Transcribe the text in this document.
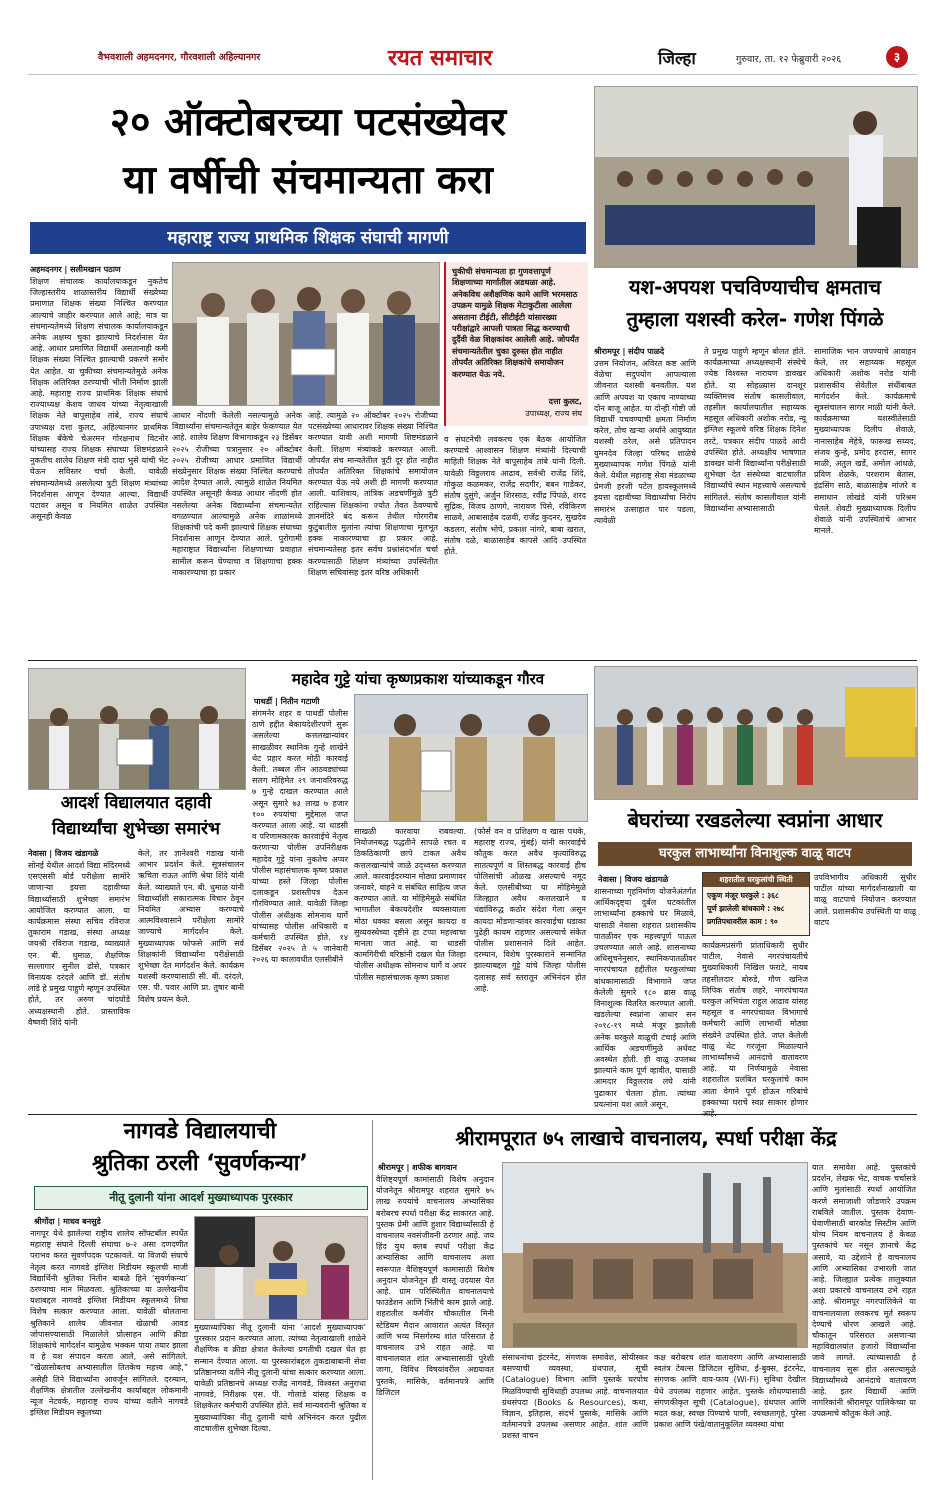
वैभवशाली अहमदनगर, गौरवशाली अहिल्यानगर	रयत समाचार	जिल्हा	गुरुवार, ता. १२ फेब्रुवारी २०२६	३
२० ऑक्टोबरच्या पटसंख्येवर
या वर्षीची संचमान्यता करा
महाराष्ट्र राज्य प्राथमिक शिक्षक संघाची मागणी
अहमदनगर | सलीमखान पठाण
शिक्षण संचालक कार्यालयाकडून नुकतेच जिल्हास्तरीय शाळास्तरीय विद्यार्थी संख्येच्या प्रमाणात शिक्षक संख्या निश्चित करण्यात आल्याचे जाहीर करण्यात आले आहे; मात्र या संचमान्यतेमध्ये शिक्षण संचालक कार्यालयाकडून अनेक अक्षम्य चुका झाल्याचे निदर्शनास येत आहे. आधार प्रमाणित विद्यार्थी असतानाही कमी शिक्षक संख्या निश्चित झाल्याची प्रकरणे समोर येत आहेत. या चुकीच्या संचमान्यतेमुळे अनेक शिक्षक अतिरिक्त ठरण्याची भीती निर्माण झाली आहे. महाराष्ट्र राज्य प्राथमिक शिक्षक संघाचे राज्याध्यक्ष केशव जाधव यांच्या नेतृत्वाखाली शिक्षक नेते बापूसाहेब तांबे, राज्य संघाचे उपाध्यक्ष दत्ता कुलट, अहिल्यानगर प्राथमिक शिक्षक बँकेचे चेअरमन गोरक्षनाथ विटनोर यांच्यासह राज्य शिक्षक संघाच्या शिष्टमंडळाने नुकतीच शालेय शिक्षण मंत्री दादा भुसे यांची भेट घेऊन सविस्तर चर्चा केली. यावेळी संचमान्यतेमध्ये असलेल्या त्रुटी शिक्षण मंत्र्यांच्या निदर्शनास आणून देण्यात आल्या. विद्यार्थी पटावर असून व नियमित शाळेत उपस्थित असूनही केवळ
आधार नोंदणी केलेली नसल्यामुळे अनेक विद्यार्थ्यांना संचमान्यतेतून बाहेर फेकण्यात येत आहे. शालेय शिक्षण विभागाकडून २३ डिसेंबर २०२५ रोजीच्या पत्रानुसार २० ऑक्टोबर २०२५ रोजीच्या आधार प्रमाणित विद्यार्थी संख्येनुसार शिक्षक संख्या निश्चित करण्याचे आदेश देण्यात आले. त्यामुळे शाळेत नियमित उपस्थित असूनही केवळ आधार नोंदणी होत नसलेल्या अनेक विद्यार्थ्यांना संचमान्यतेत वगळण्यात आल्यामुळे अनेक शाळांमध्ये शिक्षकांची पदे कमी झाल्याचे शिक्षक संघाच्या निदर्शनास आणून देण्यात आले. पुरोगामी महाराष्ट्रात विद्यार्थ्यांना शिक्षणाच्या प्रवाहात सामील करून घेण्याचा व शिक्षणाचा हक्क नाकारण्याचा हा प्रकार
आहे. त्यामुळे २० ऑक्टोबर २०२५ रोजीच्या पटसंख्येच्या आधारावर शिक्षक संख्या निश्चित करण्यात यावी अशी मागणी शिष्टमंडळाने केली. शिक्षण मंत्र्यांकडे करण्यात आली. जोपर्यंत संच मान्यतेतील त्रुटी दूर होत नाहीत तोपर्यंत अतिरिक्त शिक्षकांचे समायोजन करण्यात येऊ नये अशी ही मागणी करण्यात आली. याशिवाय, तांत्रिक अडचणींमुळे त्रुटी राहिल्यास शिक्षकांना ज्योत तेवत ठेवण्याचे ज्ञानमंदिरे बंद करून तेथील गोरगरीब कुटुंबातील मुलांना त्यांचा शिक्षणाचा मूलभूत हक्क नाकारण्याचा हा प्रकार आहे. संचमान्यतेसह इतर सर्वच प्रश्नांसंदर्भात चर्चा करण्यासाठी शिक्षण मंत्र्यांच्या उपस्थितीत शिक्षण सचिवांसह इतर वरिष्ठ अधिकारी
चुकीची संचमान्यता हा गुणवत्तापूर्ण शिक्षणाच्या मार्गातील अडथळा आहे. अनेकविध अशैक्षणिक कामे आणि भरमसाठ उपक्रम यामुळे शिक्षक मेटाकुटीला आलेला असताना टीईटी, सीटीईटी यांसारख्या परीक्षांद्वारे आपली पात्रता सिद्ध करण्याची दुर्दैवी वेळ शिक्षकांवर आलेली आहे. जोपर्यंत संचमान्यतेतील चुका दुरुस्त होत नाहीत तोपर्यंत अतिरिक्त शिक्षकांचे समायोजन करण्यात येऊ नये.
दत्ता कुलट,
उपाध्यक्ष, राज्य संघ
व संघटनेची लवकरच एक बैठक आयोजित करण्याचे आश्वासन शिक्षण मंत्र्यांनी दिल्याची माहिती शिक्षक नेते बापूसाहेब तांबे यांनी दिली. यावेळी विठ्ठलराव आढाव, सर्वश्री राजेंद्र शिंदे, गोकुळ कळमकर, राजेंद्र सदगीर, बबन गाडेकर, संतोष दुसुंगे, अर्जुन शिरसाठ, रवींद्र पिंपळे, शरद सुद्रिक, विजय ठाणगे, नारायण पिसे, रविकिरण साळवे, आबासाहेब दळवी, राजेंद्र कुदनर, सुखदेव कडलग, संतोष भोपे, प्रकाश नांगरे, बाबा खरात, संतोष दळे, बाळासाहेब कापसे आदि उपस्थित होते.
यश-अपयश पचविण्याचीच क्षमताच
तुम्हाला यशस्वी करेल- गणेश पिंगळे
श्रीरामपूर | संदीप पाळदे
उत्तम नियोजन, अविरत कष्ट आणि वेळेचा सदुपयोग आपल्याला जीवनात यशस्वी बनवतील. यश आणि अपयश या एकाच नाण्याच्या दोन बाजू आहेत. या दोन्ही गोष्टी जो विद्यार्थी पचवण्याची क्षमता निर्माण करेल, तोच खऱ्या अर्थाने आयुष्यात यशस्वी ठरेल, असे प्रतिपादन युमनदेव जिल्हा परिषद शाळेचे मुख्याध्यापक गणेश पिंगळे यांनी केले. येथील महाराष्ट्र सेवा मंडळाच्या प्रेमजी हरजी पटेल हायस्कूलमध्ये इयत्ता दहावीच्या विद्यार्थ्यांचा निरोप समारंभ उत्साहात पार पडला, त्यावेळी
ते प्रमुख पाहुणे म्हणून बोलत होते. कार्यक्रमाच्या अध्यक्षस्थानी संस्थेचे ज्येष्ठ विश्वस्त नारायण डावखर होते. या सोहळ्यास दानशूर व्यक्तिमत्त्व संतोष कासलीवाल, तहसील कार्यालयातील सहाय्यक महसूल अधिकारी अशोक नरोड, न्यू इंग्लिश स्कूलचे वरिष्ठ शिक्षक दिनेश तरटे, पत्रकार संदीप पाळदे आदी उपस्थित होते. अध्यक्षीय भाषणात डावखर यांनी विद्यार्थ्यांना परीक्षेसाठी शुभेच्छा देत संस्थेच्या वाटचालीत विद्यार्थ्यांचे स्थान महत्त्वाचे असल्याचे सांगितले. संतोष कासलीवाल यांनी विद्यार्थ्यांना अभ्यासासाठी
सामाजिक भान जपण्याचे आवाहन केले, तर सहाय्यक महसूल अधिकारी अशोक नरोड यांनी प्रशासकीय सेवेतील संधींबाबत मार्गदर्शन केले. कार्यक्रमाचे सूत्रसंचालन सागर माळी यांनी केले. कार्यक्रमाच्या यशस्वीतेसाठी मुख्याध्यापक दिलीप शेवाळे, नानासाहेब मेहेत्रे, फारूख सय्यद, संजय कुन्हे, प्रमोद हरदास, सागर माळी, अतुल खर्डे, अमोल आंधळे, प्रविण शेळके, परशराम बेतास, इंद्रसिंग साठे, बाळासाहेब मांजरे व समाधान लोखंडे यांनी परिश्रम घेतले. शेवटी मुख्याध्यापक दिलीप शेवाळे यांनी उपस्थितांचे आभार मानले.
आदर्श विद्यालयात दहावी
विद्यार्थ्यांचा शुभेच्छा समारंभ
नेवासा | विजय खंडागळे
सोनई येथील आदर्श विद्या मंदिरमध्ये एसएससी बोर्ड परीक्षेला सामोरे जाणाऱ्या इयत्ता दहावीच्या विद्यार्थ्यांसाठी शुभेच्छा समारंभ आयोजित करण्यात आला. या कार्यक्रमास संस्था सचिव रविराज तुकाराम गडाख, संस्था अध्यक्ष जयश्री रविराज गडाख, व्याख्याते एन. बी. धुमाळ, शैक्षणिक सल्लागार सुनील ढोसे, पत्रकार विनायक दरंदले आणि डॉ. संतोष लांडे हे प्रमुख पाहुणे म्हणून उपस्थित होते, तर अरुण चांदघोडे अध्यक्षस्थानी होते. प्रास्ताविक वैष्णवी शिंदे यांनी
केले, तर ज्ञानेश्वरी गडाख यांनी आभार प्रदर्शन केले. सूत्रसंचालन ऋचिता राऊत आणि श्रेया शिंदे यांनी केले. व्याख्याते एन. बी. धुमाळ यांनी विद्यार्थ्यांशी सकारात्मक विचार ठेवून नियमित अभ्यास करण्याचे आत्मविश्वासाने परीक्षेला सामोरे जाण्याचे मार्गदर्शन केले. मुख्याध्यापक फोफसे आणि सर्व शिक्षकांनी विद्यार्थ्यांना परीक्षेसाठी शुभेच्छा देत मार्गदर्शन केले. कार्यक्रम यशस्वी करण्यासाठी सी. बी. दरंदले, एस. पी. पवार आणि प्रा. तुषार बानी विशेष प्रयत्न केले.
महादेव गुट्टे यांचा कृष्णप्रकाश यांच्याकडून गौरव
पाथर्डी | नितीन गटाणी
संगमनेर शहर व पाथर्डी पोलीस ठाणे हद्दीत बेकायदेशीरपणे सुरू असलेल्या कत्तलखान्यांवर साखळीवर स्थानिक गुन्हे शाखेने थेट प्रहार करत मोठी कारवाई केली. तब्बल तीन आठवड्यांच्या सलग मोहिमेत २९ जनावरिवरुद्ध ७ गुन्हे दाखल करण्यात आले असून सुमारे ७३ लाख ७ हजार १०० रुपयांचा मुद्देमाल जप्त करण्यात आला आहे. या धाडसी व परिणामकारक कारवाईचे नेतृत्व करणाऱ्या पोलीस उपनिरीक्षक महादेव गुट्टे यांना नुकतेच अप्पर पोलीस महासंचालक कृष्ण प्रकाश यांच्या हस्ते जिल्हा पोलीस दलाकडून प्रशस्तीपत्र देऊन गौरविण्यात आले. यावेळी जिल्हा पोलीस अधीक्षक सोमनाथ घार्गे यांच्यासह पोलीस अधिकारी व कर्मचारी उपस्थित होते. १४ डिसेंबर २०२५ ते ५ जानेवारी २०२६ या कालावधीत एलसीबीने
साखळी कारवाया राबवल्या. नियोजनबद्ध पद्धतीने सापळे रचत व ठिकठिकाणी छापे टाकत अवैध कत्तलखान्यांचे जाळे उद्ध्वस्त करण्यात आले. कारवाईदरम्यान मोठ्या प्रमाणावर जनावरे, वाहने व संबंधित साहित्य जप्त करण्यात आले. या मोहिमेमुळे संबंधित भागातील बेकायदेशीर व्यवसायाला मोठा धक्का बसला असून कायदा व सुव्यवस्थेच्या दृष्टीने हा टप्पा महत्त्वाचा मानला जात आहे. या धाडसी कामगिरीची वरिष्ठांनी दखल घेत जिल्हा पोलीस अधीक्षक सोमनाथ घार्गे व अपर पोलीस महासंचालक कृष्ण प्रकाश
(फोर्स वन व प्रशिक्षण व खास पथके, महाराष्ट्र राज्य, मुंबई) यांनी कारवाईचे कौतुक करत अवैध कृत्यांविरुद्ध सातत्यपूर्ण व शिस्तबद्ध कारवाई हीच पोलिसांची ओळख असल्याचे नमूद केले. एलसीबीच्या या मोहिमेमुळे जिल्ह्यात अवैध कत्तलखाने व धंद्यांविरुद्ध कठोर संदेश गेला असून कायदा मोडणाऱ्यांवर कारवाईचा धडाका पुढेही कायम राहणार असल्याचे संकेत पोलीस प्रशासनाने दिले आहेत. दरम्यान, विशेष पुरस्काराने सन्मानित झाल्याबद्दल गुट्टे यांचे जिल्हा पोलीस दलासह सर्व स्तरातून अभिनंदन होत आहे.
बेघरांच्या रखडलेल्या स्वप्नांना आधार
घरकुल लाभार्थ्यांना विनाशुल्क वाळू वाटप
नेवासा | विजय खंडागळे
शासनाच्या गृहनिर्माण योजनेअंतर्गत आर्थिकदृष्ट्या दुर्बल घटकांतील लाभार्थ्यांना हक्काचे घर मिळावे, यासाठी नेवासा शहरात प्रशासकीय पातळीवर एक महत्त्वपूर्ण पाऊल उचलण्यात आले आहे. शासनाच्या अधिसूचनेनुसार, स्थानिकपातळीवर नगरपंचायत हद्दीतील घरकुलांच्या बांधकामासाठी विभागाने जप्त केलेली सुमारे १८० ब्रास वाळू विनाशुल्क वितरित करण्यात आली. खडलेल्या स्वप्नांना आधार सन २०१८-१९ मध्ये मंजूर झालेली अनेक घरकुले वाळूची टंचाई आणि आर्थिक अडचणींमुळे अर्धवट अवस्थेत होती. ही वाळू उपलब्ध झाल्याने काम पूर्ण व्हावीत, यासाठी आमदार विठ्ठलराव लंघे यांनी पुढाकार घेतला होता. त्यांच्या प्रयत्नांना यश आले असून,
शहरातील घरकुलांची स्थिती
एकूण मंजूर घरकुले : ३६८
पूर्ण झालेली बांधकामे : २७८
प्रगतिपथावरील काम : ९०
कार्यक्रमप्रसंगी प्रांताधिकारी सुधीर पाटील, नेवासे नगरपंचायतीचे मुख्याधिकारी निखिल फराटे, नायब तहसीलदार बोरुडे, गौण खनिज लिपिक संतोष लहरे, नगरपंचायत घरकुल अभियंता राहुल आढाव यांसह महसूल व नगरपंचायत विभागाचे कर्मचारी आणि लाभार्थी मोठ्या संख्येने उपस्थित होते. जप्त केलेली वाळू थेट गरजूंना मिळाल्याने लाभार्थ्यांमध्ये आनंदाचे वातावरण आहे. या निर्णयामुळे नेवासा शहरातील प्रलंबित घरकुलांचे काम आता वेगाने पूर्ण होऊन गरिबांचे हक्काच्या घराचे स्वप्न साकार होणार
उपविभागीय अधिकारी सुधीर पाटील यांच्या मार्गदर्शनाखाली या वाळू वाटपाचे नियोजन करण्यात आले. प्रशासकीय उपस्थिती या वाळू वाटप
नागवडे विद्यालयाची
श्रुतिका ठरली ‘सुवर्णकन्या’
नीतू दुलानी यांना आदर्श मुख्याध्यापक पुरस्कार
श्रीगोंदा | माधव बनसुडे
नागपूर येथे झालेल्या राष्ट्रीय शालेय सॉफ्टबॉल स्पर्धेत महाराष्ट्र संघाने दिल्ली संघाचा ७-२ असा दणदणीत पराभव करत सुवर्णपदक पटकावले. या विजयी संघाचे नेतृत्व करत नागवडे इंग्लिश मिडीयम स्कूलची माजी विद्यार्थिनी श्रुतिका नितीन बाबळे हिने ‘सुवर्णकन्या’ ठरण्याचा मान मिळवला. श्रुतिकाच्या या उल्लेखनीय यशाबद्दल नागवडे इंग्लिश मिडीयम स्कूलमध्ये तिचा विशेष सत्कार करण्यात आला. यावेळी बोलताना श्रुतिकाने शालेय जीवनात खेळाची आवड जोपासण्यासाठी मिळालेले प्रोत्साहन आणि क्रीडा शिक्षकांचे मार्गदर्शन यामुळेच भक्कम पाया तयार झाला व हे यश संपादन करता आले, असे सांगितले. “खेळासोबतच अभ्यासातील तितकेच महत्त्व आहे,” असेही तिने विद्यार्थ्यांना आवर्जून सांगितले. दरम्यान, शैक्षणिक क्षेत्रातील उल्लेखनीय कार्याबद्दल लोकमानी न्यूज नेटवर्क, महाराष्ट्र राज्य यांच्या वतीने नागवडे इंग्लिश मिडीयम स्कूलच्या
मुख्याध्यापिका नीतू दुलानी यांना ‘आदर्श मुख्याध्यापक’ पुरस्कार प्रदान करण्यात आला. त्यांच्या नेतृत्वाखाली शाळेने शैक्षणिक व क्रीडा क्षेत्रात केलेल्या प्रगतीची दखल घेत हा सन्मान देण्यात आला. या पुरस्कारांबद्दल तुकडाबाबानी सेवा प्रतिष्ठानच्या वतीने नीतू दुलानी यांचा सत्कार करण्यात आला. यावेळी प्रतिष्ठानचे अध्यक्ष राजेंद्र नागवडे, विश्वस्त अनुराधा नागवडे, निरीक्षक एस. पी. गोलांडे यांसह शिक्षक व शिक्षकेतर कर्मचारी उपस्थित होते. सर्व मान्यवरांनी श्रुतिका व मुख्याध्यापिका नीतू दुलानी यांचे अभिनंदन करत पुढील वाटचालीस शुभेच्छा दिल्या.
श्रीरामपूरात ७५ लाखाचे वाचनालय, स्पर्धा परीक्षा केंद्र
श्रीरामपूर | शफीक बागवान
वैशिष्ट्यपूर्ण कामांसाठी विशेष अनुदान योजनेतून श्रीरामपूर शहरात सुमारे ७५ लाख रुपयांचे वाचनालय अभ्यासिका बरोबरच स्पर्धा परीक्षा केंद्र साकारत आहे. पुस्तक प्रेमी आणि हुशार विद्यार्थ्यांसाठी हे वाचनालय नवसंजीवनी ठरणार आहे. जय हिंद युथ क्लब स्पर्धा परीक्षा केंद्र अभ्यासिका आणि वाचनालय अशा स्वरूपात वैशिष्ट्यपूर्ण कामासाठी विशेष अनुदान योजनेतून ही वास्तू उदयास येत आहे. ग्राम परिस्थितीत वाचनालयाचे फाउंडेशन आणि भिंतीचे काम झाले आहे. शहरातील कर्मवीर चौकातील मिनी स्टेडियम मैदान आवारात अत्यंत विस्तृत आणि भव्य निसर्गरम्य शांत परिसरात हे वाचनालय उभे राहत आहे. या वाचनालयात शांत अभ्यासासाठी पुरेशी जागा, विविध विषयांवरील अद्ययावत पुस्तके, मासिके, वर्तमानपत्रे आणि डिजिटल
संसाधनांचा इंटरनेट, संगणक समावेश, सोयीस्कर बसण्याची व्यवस्था, ग्रंथपाल, सूची (Catalogue) विभाग आणि पुस्तके घरपोच मिळविण्याची सुविधाही उपलब्ध आहे. वाचनालयात ग्रंथसंपदा (Books & Resources), कथा, विज्ञान, इतिहास, संदर्भ पुस्तके, मासिके आणि वर्तमानपत्रे उपलब्ध असणार आहेत. शांत आणि प्रशस्त वाचन
कक्ष बरोबरच शांत वातावरण आणि अभ्यासासाठी स्वतंत्र टेबल्स डिजिटल सुविधा, ई-बुक्स, इंटरनेट, संगणक आणि वाय-फाय (Wi-Fi) सुविधा देखील येथे उपलब्ध राहणार आहेत. पुस्तके शोधण्यासाठी संगणकीकृत सूची (Catalogue), ग्रंथपाल आणि मदत कक्ष, स्वच्छ पिण्याचे पाणी, स्वच्छतागृहे, पुरेसा प्रकाश आणि पंखे/वातानुकूलित व्यवस्था यांचा
यात समावेश आहे. पुस्तकांचे प्रदर्शन, लेखक भेट, वाचक चर्चासत्रे आणि मुलांसाठी स्पर्धा आयोजित करणे समाजाशी जोडणारे उपक्रम राबविले जातील. पुस्तक देवाण-घेवाणीसाठी बारकोड सिस्टीम आणि योग्य नियम वाचनालय हे केवळ पुस्तकांचे घर नसून ज्ञानाचे केंद्र असावे, या उद्देशाने हे वाचनालय आणि अभ्यासिका उभारली जात आहे. जिल्ह्यात प्रत्येक तालुक्यात अशा प्रकारचे वाचनालय उभे राहत आहे. श्रीरामपूर नगरपालिकेने या वाचनालयाला लवकरच मूर्त स्वरूप देण्याचे धोरण आखले आहे. चौकातून परिसरात असणाऱ्या महाविद्यालयांत हजारो विद्यार्थ्यांना जावे लागते. त्यांच्यासाठी हे वाचनालय सुरू होत असल्यामुळे विद्यार्थ्यांमध्ये आनंदाचे वातावरण आहे. इतर विद्यार्थी आणि नागरिकांनी श्रीरामपूर पालिकेच्या या उपक्रमाचे कौतुक केले आहे.
